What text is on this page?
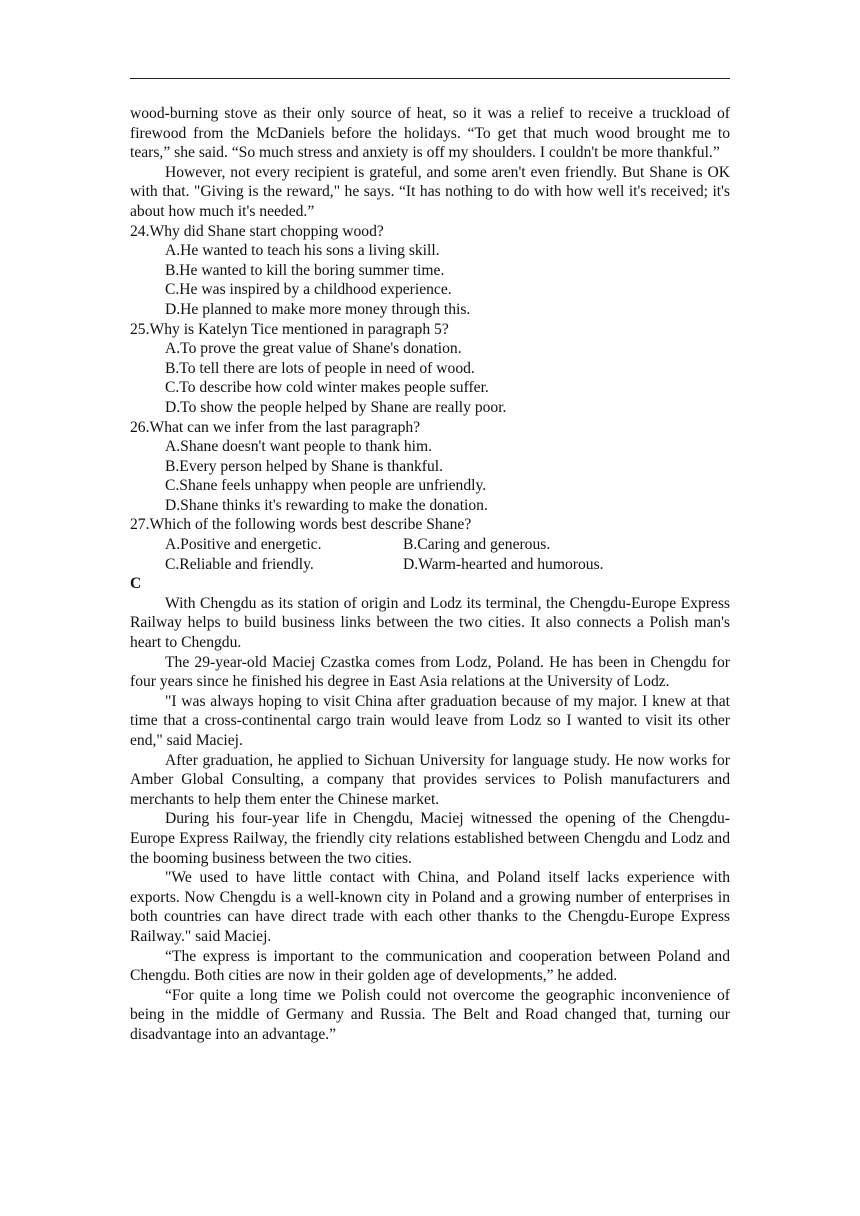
wood-burning stove as their only source of heat, so it was a relief to receive a truckload of firewood from the McDaniels before the holidays. “To get that much wood brought me to tears,” she said. “So much stress and anxiety is off my shoulders. I couldn't be more thankful.”

However, not every recipient is grateful, and some aren't even friendly. But Shane is OK with that. "Giving is the reward," he says. “It has nothing to do with how well it's received; it's about how much it's needed.”

24.Why did Shane start chopping wood?

A.He wanted to teach his sons a living skill.

B.He wanted to kill the boring summer time.

C.He was inspired by a childhood experience.

D.He planned to make more money through this.

25.Why is Katelyn Tice mentioned in paragraph 5?

A.To prove the great value of Shane's donation.

B.To tell there are lots of people in need of wood.

C.To describe how cold winter makes people suffer.

D.To show the people helped by Shane are really poor.

26.What can we infer from the last paragraph?

A.Shane doesn't want people to thank him.

B.Every person helped by Shane is thankful.

C.Shane feels unhappy when people are unfriendly.

D.Shane thinks it's rewarding to make the donation.

27.Which of the following words best describe Shane?

A.Positive and energetic.	B.Caring and generous.
C.Reliable and friendly.	D.Warm-hearted and humorous.

C

With Chengdu as its station of origin and Lodz its terminal, the Chengdu-Europe Express Railway helps to build business links between the two cities. It also connects a Polish man's heart to Chengdu.

The 29-year-old Maciej Czastka comes from Lodz, Poland. He has been in Chengdu for four years since he finished his degree in East Asia relations at the University of Lodz.

"I was always hoping to visit China after graduation because of my major. I knew at that time that a cross-continental cargo train would leave from Lodz so I wanted to visit its other end," said Maciej.

After graduation, he applied to Sichuan University for language study. He now works for Amber Global Consulting, a company that provides services to Polish manufacturers and merchants to help them enter the Chinese market.

During his four-year life in Chengdu, Maciej witnessed the opening of the Chengdu-Europe Express Railway, the friendly city relations established between Chengdu and Lodz and the booming business between the two cities.

"We used to have little contact with China, and Poland itself lacks experience with exports. Now Chengdu is a well-known city in Poland and a growing number of enterprises in both countries can have direct trade with each other thanks to the Chengdu-Europe Express Railway." said Maciej.

“The express is important to the communication and cooperation between Poland and Chengdu. Both cities are now in their golden age of developments,” he added.

“For quite a long time we Polish could not overcome the geographic inconvenience of being in the middle of Germany and Russia. The Belt and Road changed that, turning our disadvantage into an advantage.”
